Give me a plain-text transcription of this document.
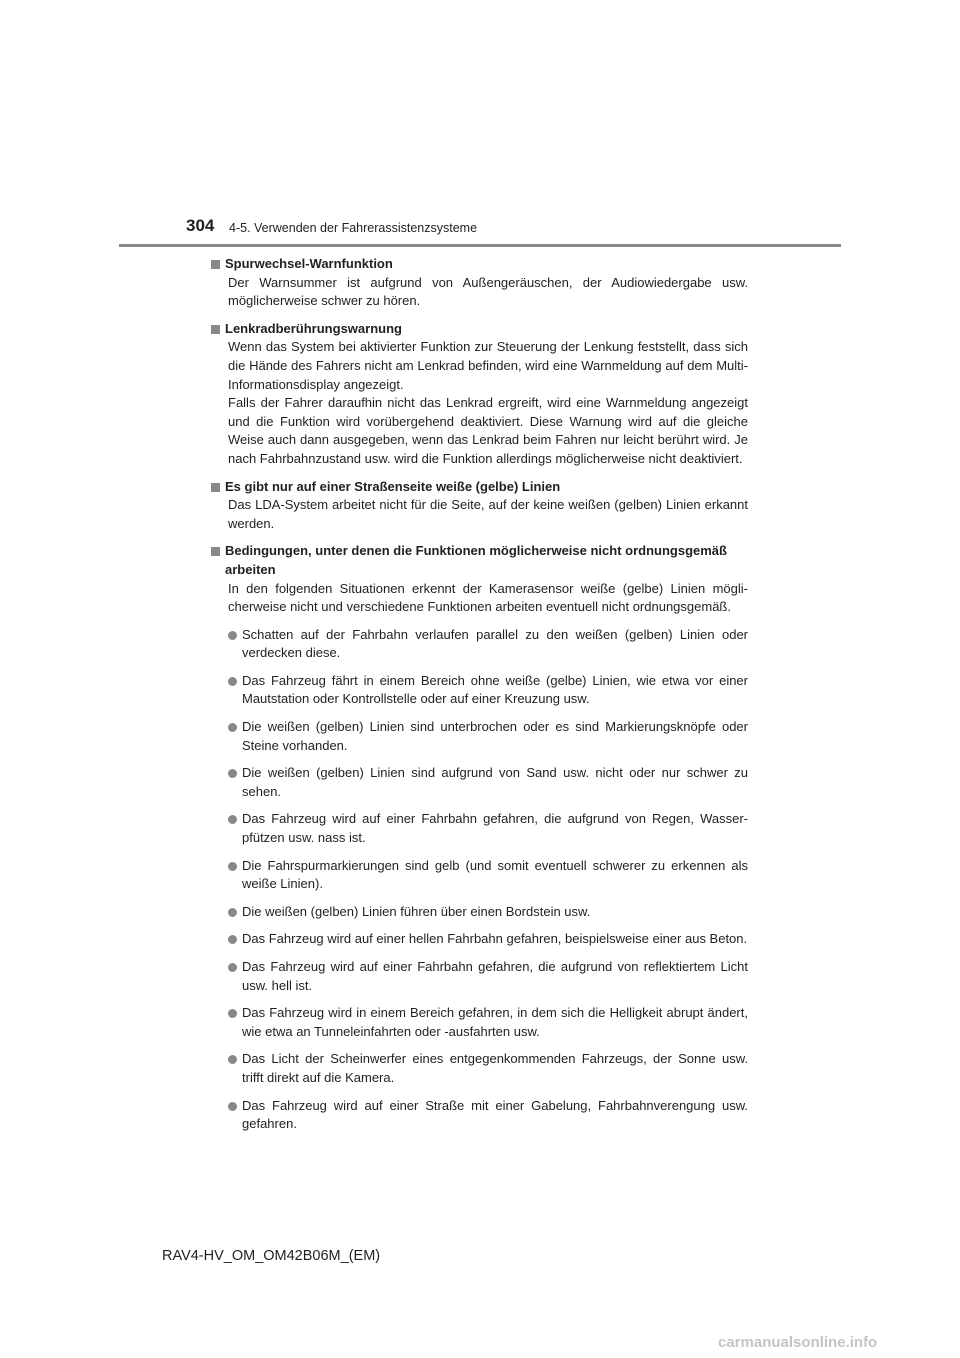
304 4-5. Verwenden der Fahrerassistenzsysteme
Spurwechsel-Warnfunktion
Der Warnsummer ist aufgrund von Außengeräuschen, der Audiowiedergabe usw. möglicherweise schwer zu hören.
Lenkradberührungswarnung
Wenn das System bei aktivierter Funktion zur Steuerung der Lenkung feststellt, dass sich die Hände des Fahrers nicht am Lenkrad befinden, wird eine Warnmeldung auf dem Multi-Informationsdisplay angezeigt.
Falls der Fahrer daraufhin nicht das Lenkrad ergreift, wird eine Warnmeldung angezeigt und die Funktion wird vorübergehend deaktiviert. Diese Warnung wird auf die gleiche Weise auch dann ausgegeben, wenn das Lenkrad beim Fahren nur leicht berührt wird. Je nach Fahrbahnzustand usw. wird die Funktion allerdings möglicherweise nicht deaktiviert.
Es gibt nur auf einer Straßenseite weiße (gelbe) Linien
Das LDA-System arbeitet nicht für die Seite, auf der keine weißen (gelben) Linien erkannt werden.
Bedingungen, unter denen die Funktionen möglicherweise nicht ordnungsgemäß arbeiten
In den folgenden Situationen erkennt der Kamerasensor weiße (gelbe) Linien möglicherweise nicht und verschiedene Funktionen arbeiten eventuell nicht ordnungsgemäß.
Schatten auf der Fahrbahn verlaufen parallel zu den weißen (gelben) Linien oder verdecken diese.
Das Fahrzeug fährt in einem Bereich ohne weiße (gelbe) Linien, wie etwa vor einer Mautstation oder Kontrollstelle oder auf einer Kreuzung usw.
Die weißen (gelben) Linien sind unterbrochen oder es sind Markierungsknöpfe oder Steine vorhanden.
Die weißen (gelben) Linien sind aufgrund von Sand usw. nicht oder nur schwer zu sehen.
Das Fahrzeug wird auf einer Fahrbahn gefahren, die aufgrund von Regen, Wasserpfützen usw. nass ist.
Die Fahrspurmarkierungen sind gelb (und somit eventuell schwerer zu erkennen als weiße Linien).
Die weißen (gelben) Linien führen über einen Bordstein usw.
Das Fahrzeug wird auf einer hellen Fahrbahn gefahren, beispielsweise einer aus Beton.
Das Fahrzeug wird auf einer Fahrbahn gefahren, die aufgrund von reflektiertem Licht usw. hell ist.
Das Fahrzeug wird in einem Bereich gefahren, in dem sich die Helligkeit abrupt ändert, wie etwa an Tunneleinfahrten oder -ausfahrten usw.
Das Licht der Scheinwerfer eines entgegenkommenden Fahrzeugs, der Sonne usw. trifft direkt auf die Kamera.
Das Fahrzeug wird auf einer Straße mit einer Gabelung, Fahrbahnverengung usw. gefahren.
RAV4-HV_OM_OM42B06M_(EM)
carmanualsonline.info
